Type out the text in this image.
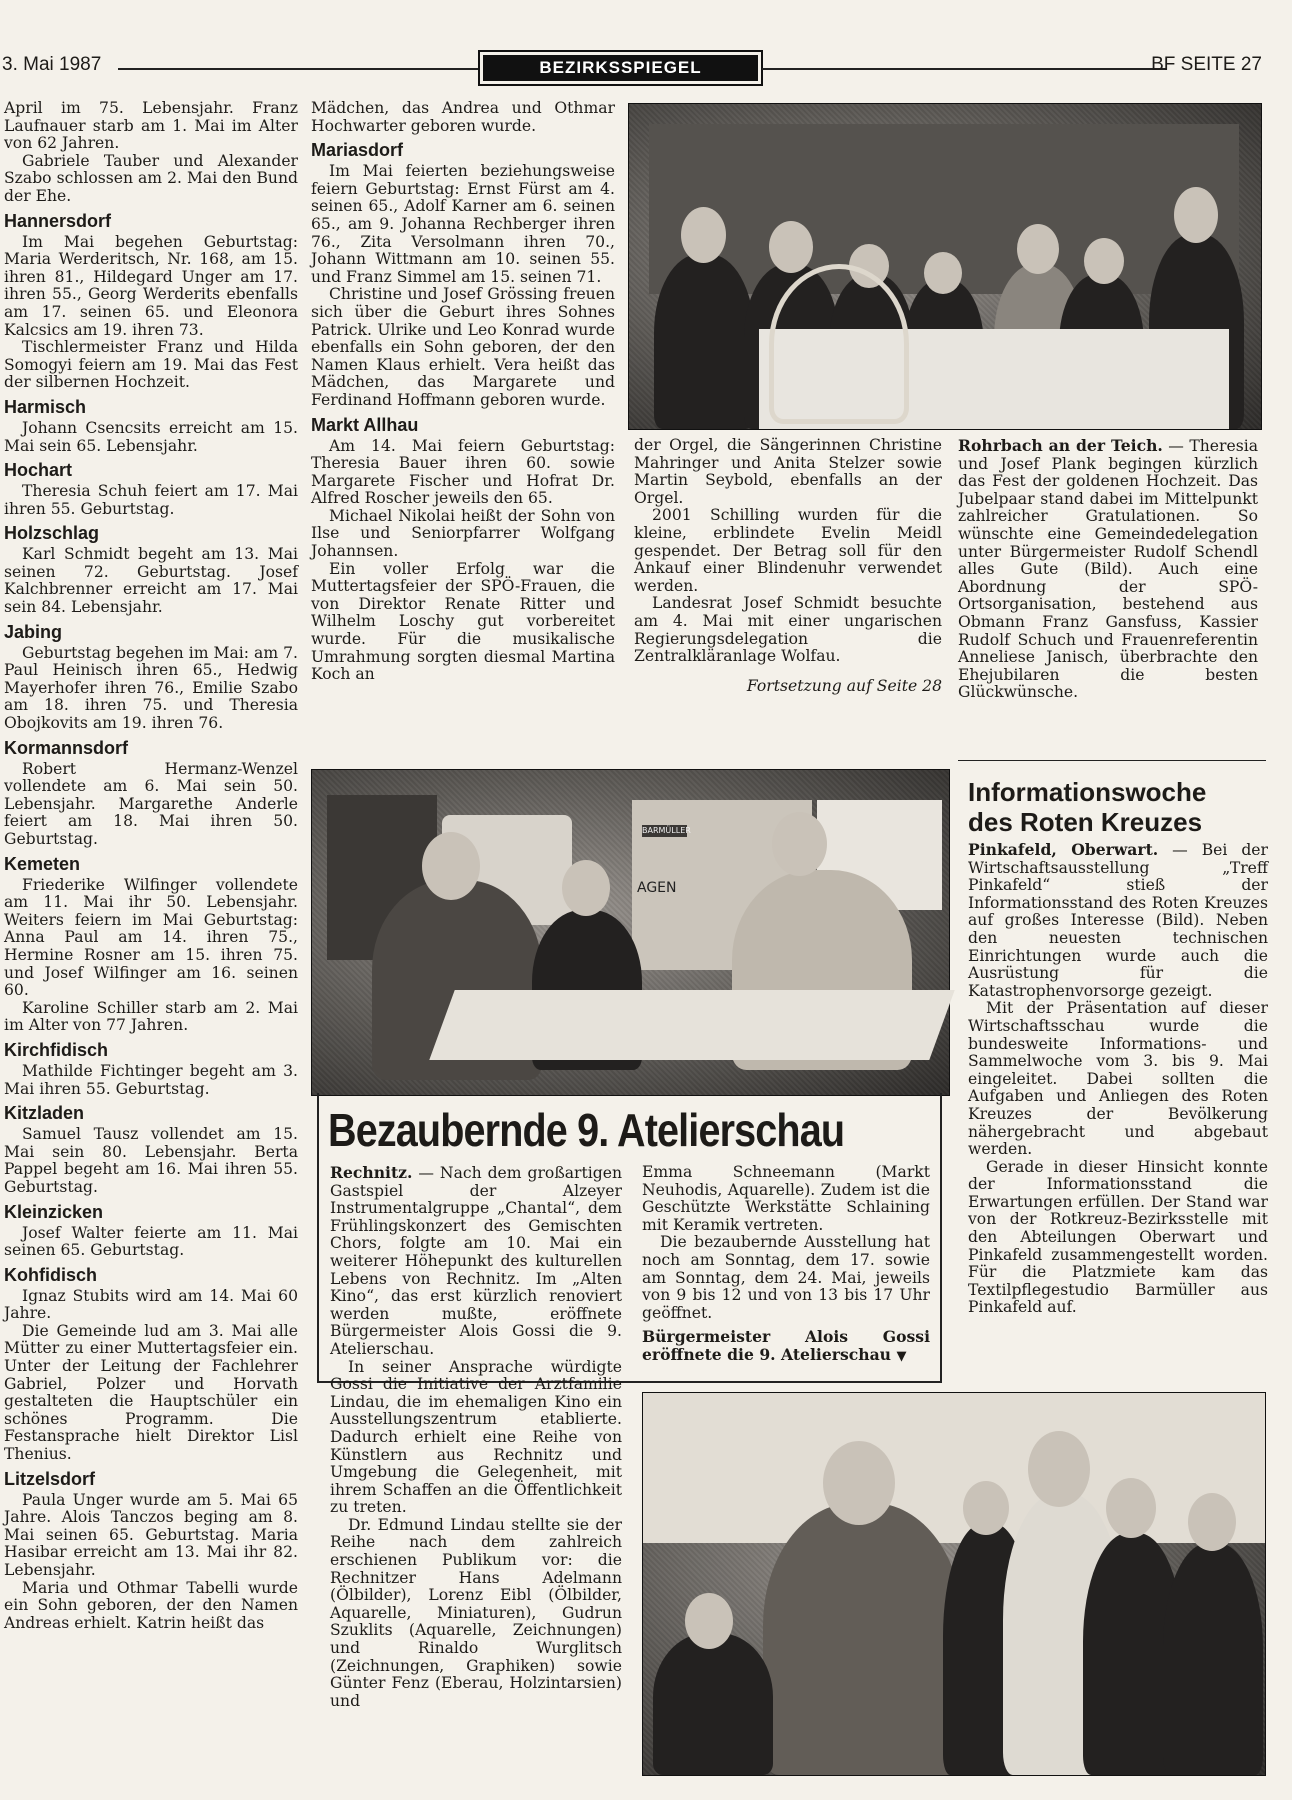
3. Mai 1987	BEZIRKSSPIEGEL	BF SEITE 27

April im 75. Lebensjahr. Franz Laufnauer starb am 1. Mai im Alter von 62 Jahren.

Gabriele Tauber und Alexander Szabo schlossen am 2. Mai den Bund der Ehe.

Hannersdorf

Im Mai begehen Geburtstag: Maria Werderitsch, Nr. 168, am 15. ihren 81., Hildegard Unger am 17. ihren 55., Georg Werderits ebenfalls am 17. seinen 65. und Eleonora Kalcsics am 19. ihren 73.

Tischlermeister Franz und Hilda Somogyi feiern am 19. Mai das Fest der silbernen Hochzeit.

Harmisch

Johann Csencsits erreicht am 15. Mai sein 65. Lebensjahr.

Hochart

Theresia Schuh feiert am 17. Mai ihren 55. Geburtstag.

Holzschlag

Karl Schmidt begeht am 13. Mai seinen 72. Geburtstag. Josef Kalchbrenner erreicht am 17. Mai sein 84. Lebensjahr.

Jabing

Geburtstag begehen im Mai: am 7. Paul Heinisch ihren 65., Hedwig Mayerhofer ihren 76., Emilie Szabo am 18. ihren 75. und Theresia Obojkovits am 19. ihren 76.

Kormannsdorf

Robert Hermanz-Wenzel vollendete am 6. Mai sein 50. Lebensjahr. Margarethe Anderle feiert am 18. Mai ihren 50. Geburtstag.

Kemeten

Friederike Wilfinger vollendete am 11. Mai ihr 50. Lebensjahr. Weiters feiern im Mai Geburtstag: Anna Paul am 14. ihren 75., Hermine Rosner am 15. ihren 75. und Josef Wilfinger am 16. seinen 60.

Karoline Schiller starb am 2. Mai im Alter von 77 Jahren.

Kirchfidisch

Mathilde Fichtinger begeht am 3. Mai ihren 55. Geburtstag.

Kitzladen

Samuel Tausz vollendet am 15. Mai sein 80. Lebensjahr. Berta Pappel begeht am 16. Mai ihren 55. Geburtstag.

Kleinzicken

Josef Walter feierte am 11. Mai seinen 65. Geburtstag.

Kohfidisch

Ignaz Stubits wird am 14. Mai 60 Jahre.

Die Gemeinde lud am 3. Mai alle Mütter zu einer Muttertagsfeier ein. Unter der Leitung der Fachlehrer Gabriel, Polzer und Horvath gestalteten die Hauptschüler ein schönes Programm. Die Festansprache hielt Direktor Lisl Thenius.

Litzelsdorf

Paula Unger wurde am 5. Mai 65 Jahre. Alois Tanczos beging am 8. Mai seinen 65. Geburtstag. Maria Hasibar erreicht am 13. Mai ihr 82. Lebensjahr.

Maria und Othmar Tabelli wurde ein Sohn geboren, der den Namen Andreas erhielt. Katrin heißt das

Mädchen, das Andrea und Othmar Hochwarter geboren wurde.

Mariasdorf

Im Mai feierten beziehungsweise feiern Geburtstag: Ernst Fürst am 4. seinen 65., Adolf Karner am 6. seinen 65., am 9. Johanna Rechberger ihren 76., Zita Versolmann ihren 70., Johann Wittmann am 10. seinen 55. und Franz Simmel am 15. seinen 71.

Christine und Josef Grössing freuen sich über die Geburt ihres Sohnes Patrick. Ulrike und Leo Konrad wurde ebenfalls ein Sohn geboren, der den Namen Klaus erhielt. Vera heißt das Mädchen, das Margarete und Ferdinand Hoffmann geboren wurde.

Markt Allhau

Am 14. Mai feiern Geburtstag: Theresia Bauer ihren 60. sowie Margarete Fischer und Hofrat Dr. Alfred Roscher jeweils den 65.

Michael Nikolai heißt der Sohn von Ilse und Seniorpfarrer Wolfgang Johannsen.

Ein voller Erfolg war die Muttertagsfeier der SPÖ-Frauen, die von Direktor Renate Ritter und Wilhelm Loschy gut vorbereitet wurde. Für die musikalische Umrahmung sorgten diesmal Martina Koch an

der Orgel, die Sängerinnen Christine Mahringer und Anita Stelzer sowie Martin Seybold, ebenfalls an der Orgel.

2001 Schilling wurden für die kleine, erblindete Evelin Meidl gespendet. Der Betrag soll für den Ankauf einer Blindenuhr verwendet werden.

Landesrat Josef Schmidt besuchte am 4. Mai mit einer ungarischen Regierungsdelegation die Zentralkläranlage Wolfau.

Fortsetzung auf Seite 28
Rohrbach an der Teich. — Theresia und Josef Plank begingen kürzlich das Fest der goldenen Hochzeit. Das Jubelpaar stand dabei im Mittelpunkt zahlreicher Gratulationen. So wünschte eine Gemeindedelegation unter Bürgermeister Rudolf Schendl alles Gute (Bild). Auch eine Abordnung der SPÖ-Ortsorganisation, bestehend aus Obmann Franz Gansfuss, Kassier Rudolf Schuch und Frauenreferentin Anneliese Janisch, überbrachte den Ehejubilaren die besten Glückwünsche.
BARMÜLLER
AGEN
Informationswoche
des Roten Kreuzes

Pinkafeld, Oberwart. — Bei der Wirtschaftsausstellung „Treff Pinkafeld“ stieß der Informationsstand des Roten Kreuzes auf großes Interesse (Bild). Neben den neuesten technischen Einrichtungen wurde auch die Ausrüstung für die Katastrophenvorsorge gezeigt.

Mit der Präsentation auf dieser Wirtschaftsschau wurde die bundesweite Informations- und Sammelwoche vom 3. bis 9. Mai eingeleitet. Dabei sollten die Aufgaben und Anliegen des Roten Kreuzes der Bevölkerung nähergebracht und abgebaut werden.

Gerade in dieser Hinsicht konnte der Informationsstand die Erwartungen erfüllen. Der Stand war von der Rotkreuz-Bezirksstelle mit den Abteilungen Oberwart und Pinkafeld zusammengestellt worden. Für die Platzmiete kam das Textilpflegestudio Barmüller aus Pinkafeld auf.

Bezaubernde 9. Atelierschau

Rechnitz. — Nach dem großartigen Gastspiel der Alzeyer Instrumentalgruppe „Chantal“, dem Frühlingskonzert des Gemischten Chors, folgte am 10. Mai ein weiterer Höhepunkt des kulturellen Lebens von Rechnitz. Im „Alten Kino“, das erst kürzlich renoviert werden mußte, eröffnete Bürgermeister Alois Gossi die 9. Atelierschau.

In seiner Ansprache würdigte Gossi die Initiative der Arztfamilie Lindau, die im ehemaligen Kino ein Ausstellungszentrum etablierte. Dadurch erhielt eine Reihe von Künstlern aus Rechnitz und Umgebung die Gelegenheit, mit ihrem Schaffen an die Öffentlichkeit zu treten.

Dr. Edmund Lindau stellte sie der Reihe nach dem zahlreich erschienen Publikum vor: die Rechnitzer Hans Adelmann (Ölbilder), Lorenz Eibl (Ölbilder, Aquarelle, Miniaturen), Gudrun Szuklits (Aquarelle, Zeichnungen) und Rinaldo Wurglitsch (Zeichnungen, Graphiken) sowie Günter Fenz (Eberau, Holzintarsien) und

Emma Schneemann (Markt Neuhodis, Aquarelle). Zudem ist die Geschützte Werkstätte Schlaining mit Keramik vertreten.

Die bezaubernde Ausstellung hat noch am Sonntag, dem 17. sowie am Sonntag, dem 24. Mai, jeweils von 9 bis 12 und von 13 bis 17 Uhr geöffnet.

Bürgermeister Alois Gossi eröffnete die 9. Atelierschau ▼
